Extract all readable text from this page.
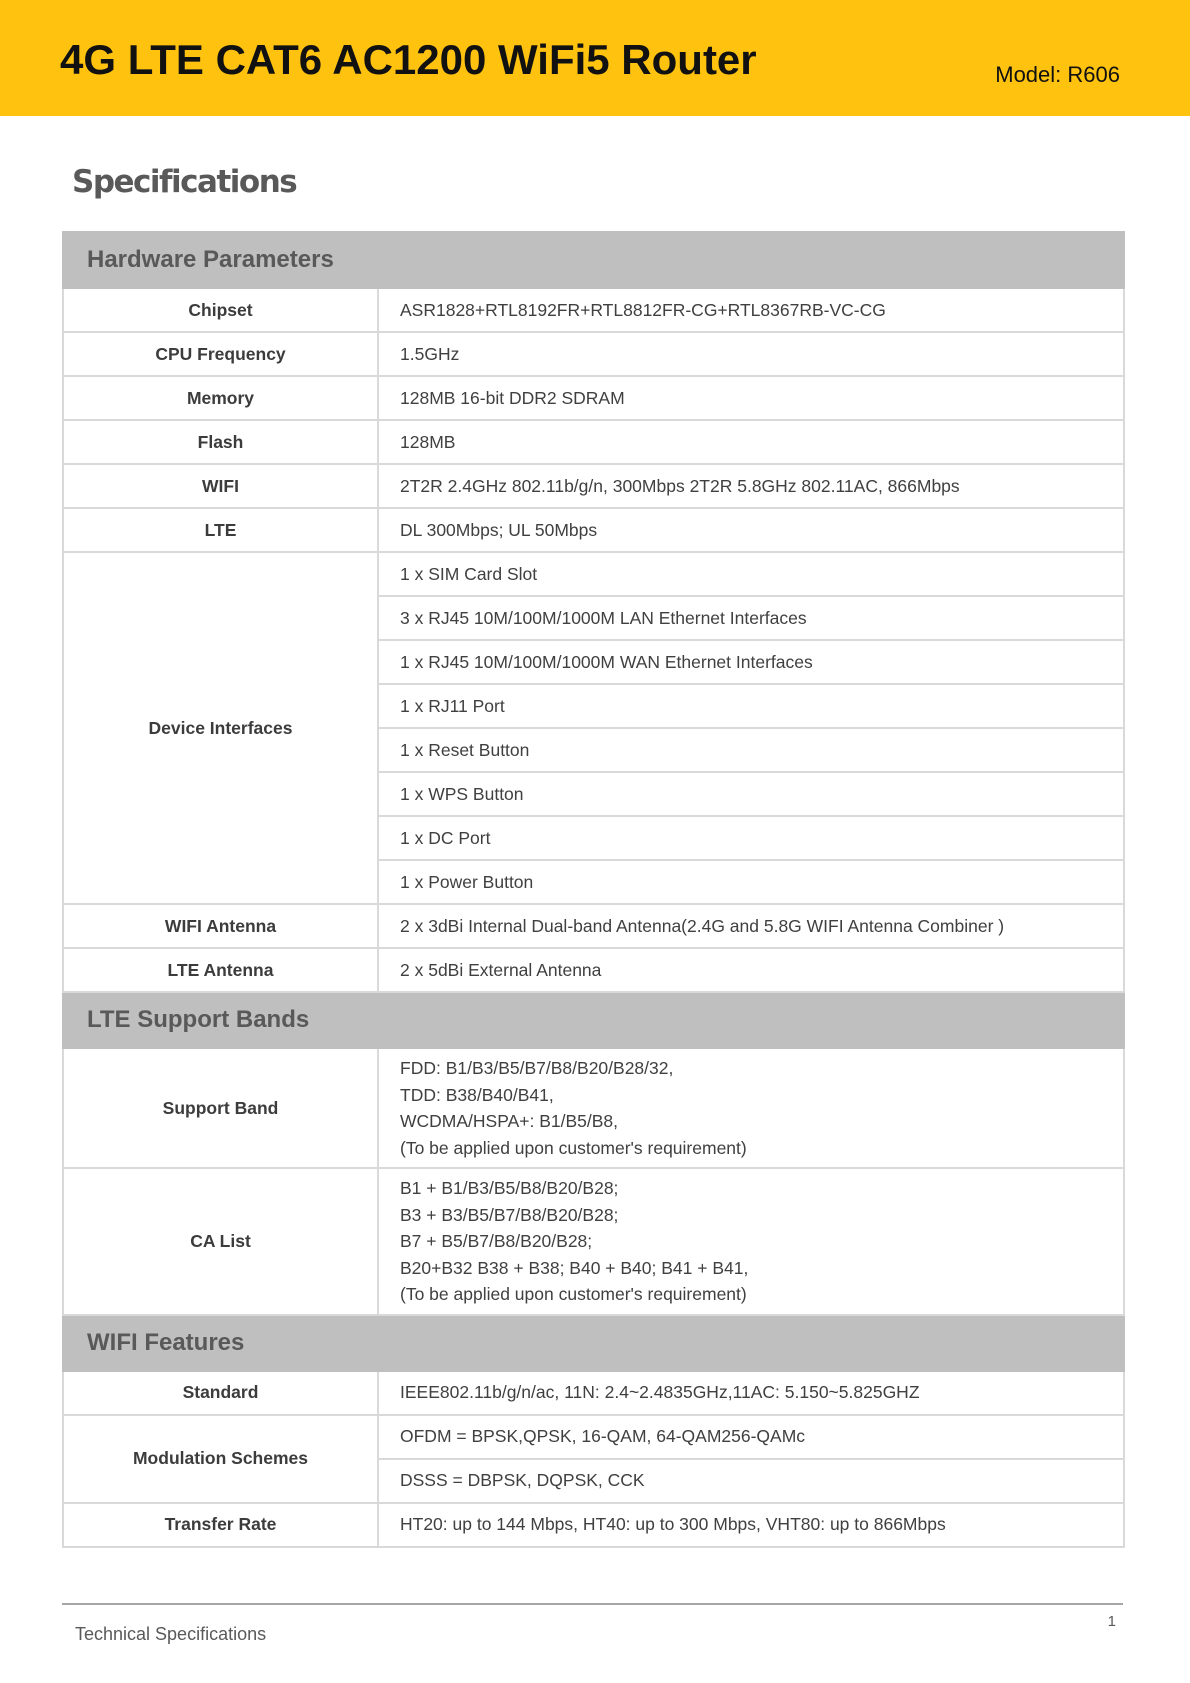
4G LTE CAT6 AC1200 WiFi5 Router	Model: R606
Specifications
Hardware Parameters	
Chipset	ASR1828+RTL8192FR+RTL8812FR-CG+RTL8367RB-VC-CG
CPU Frequency	1.5GHz
Memory	128MB 16-bit DDR2 SDRAM
Flash	128MB
WIFI	2T2R 2.4GHz 802.11b/g/n, 300Mbps 2T2R 5.8GHz 802.11AC, 866Mbps
LTE	DL 300Mbps; UL 50Mbps
Device Interfaces	1 x SIM Card Slot
	3 x RJ45 10M/100M/1000M LAN Ethernet Interfaces
	1 x RJ45 10M/100M/1000M WAN Ethernet Interfaces
	1 x RJ11 Port
	1 x Reset Button
	1 x WPS Button
	1 x DC Port
	1 x Power Button
WIFI Antenna	2 x 3dBi Internal Dual-band Antenna(2.4G and 5.8G WIFI Antenna Combiner )
LTE Antenna	2 x 5dBi External Antenna
LTE Support Bands	
Support Band	FDD: B1/B3/B5/B7/B8/B20/B28/32,
TDD: B38/B40/B41,
WCDMA/HSPA+: B1/B5/B8,
(To be applied upon customer's requirement)

CA List	B1 + B1/B3/B5/B8/B20/B28;
B3 + B3/B5/B7/B8/B20/B28;
B7 + B5/B7/B8/B20/B28;
B20+B32 B38 + B38; B40 + B40; B41 + B41,
(To be applied upon customer's requirement)

WIFI Features	
Standard	IEEE802.11b/g/n/ac, 11N: 2.4~2.4835GHz,11AC: 5.150~5.825GHZ
Modulation Schemes	OFDM = BPSK,QPSK, 16-QAM, 64-QAM256-QAMc
	DSSS = DBPSK, DQPSK, CCK
Transfer Rate	HT20: up to 144 Mbps, HT40: up to 300 Mbps, VHT80: up to 866Mbps
Technical Specifications
1
